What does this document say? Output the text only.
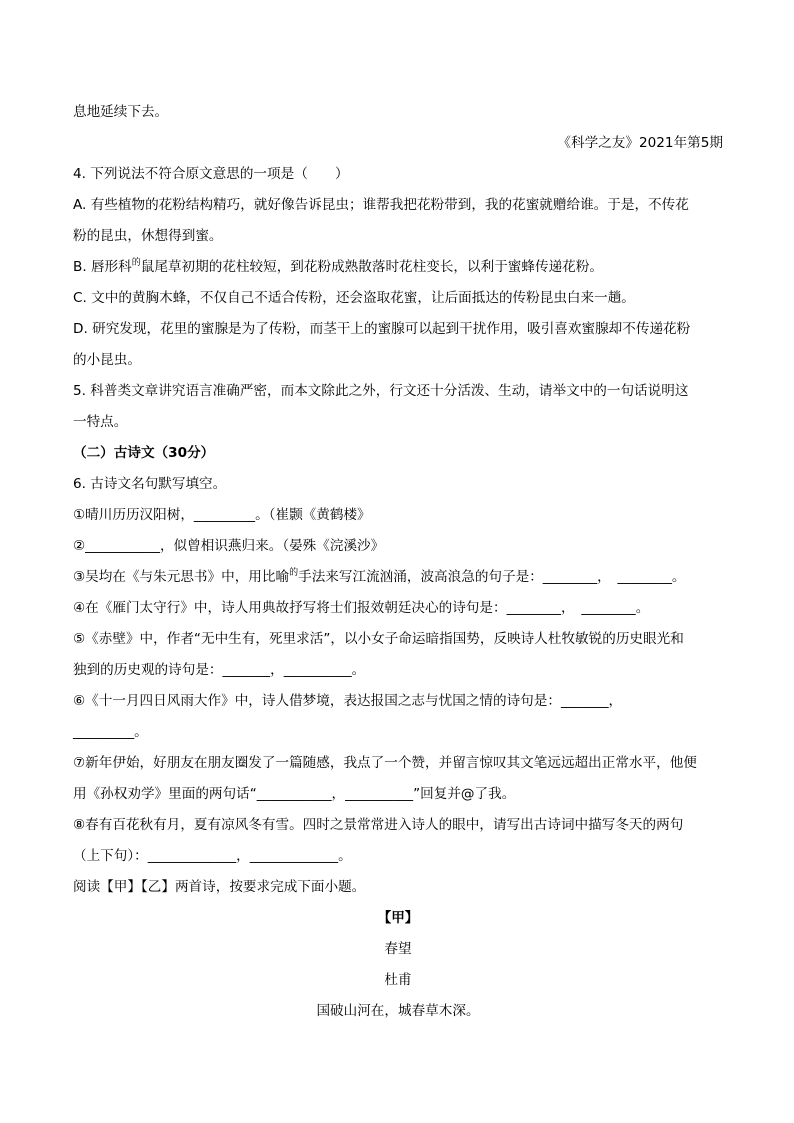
息地延续下去。
《科学之友》2021年第5期
4. 下列说法不符合原文意思的一项是（　　）
A. 有些植物的花粉结构精巧，就好像告诉昆虫；谁帮我把花粉带到，我的花蜜就赠给谁。于是，不传花
粉的昆虫，休想得到蜜。
B. 唇形科$^的$鼠尾草初期的花柱较短，到花粉成熟散落时花柱变长，以利于蜜蜂传递花粉。
C. 文中的黄胸木蜂，不仅自己不适合传粉，还会盗取花蜜，让后面抵达的传粉昆虫白来一趟。
D. 研究发现，花里的蜜腺是为了传粉，而茎干上的蜜腺可以起到干扰作用，吸引喜欢蜜腺却不传递花粉
的小昆虫。
5. 科普类文章讲究语言准确严密，而本文除此之外，行文还十分活泼、生动，请举文中的一句话说明这
一特点。
（二）古诗文（30分）
6. 古诗文名句默写填空。
①晴川历历汉阳树，_________。（崔颢《黄鹤楼》
②___________，似曾相识燕归来。（晏殊《浣溪沙》
③吴均在《与朱元思书》中，用比喻$^的$手法来写江流汹涌，波高浪急的句子是：________，　________。
④在《雁门太守行》中，诗人用典故抒写将士们报效朝廷决心的诗句是：________，　________。
⑤《赤壁》中，作者“无中生有，死里求活”，以小女子命运暗指国势，反映诗人杜牧敏锐的历史眼光和
独到的历史观的诗句是：_______，__________。
⑥《十一月四日风雨大作》中，诗人借梦境，表达报国之志与忧国之情的诗句是：_______，
_________。
⑦新年伊始，好朋友在朋友圈发了一篇随感，我点了一个赞，并留言惊叹其文笔远远超出正常水平，他便
用《孙权劝学》里面的两句话“___________，__________”回复并@了我。
⑧春有百花秋有月，夏有凉风冬有雪。四时之景常常进入诗人的眼中，请写出古诗词中描写冬天的两句
（上下句）：_____________，_____________。
阅读【甲】【乙】两首诗，按要求完成下面小题。
【甲】
春望
杜甫
国破山河在，城春草木深。
